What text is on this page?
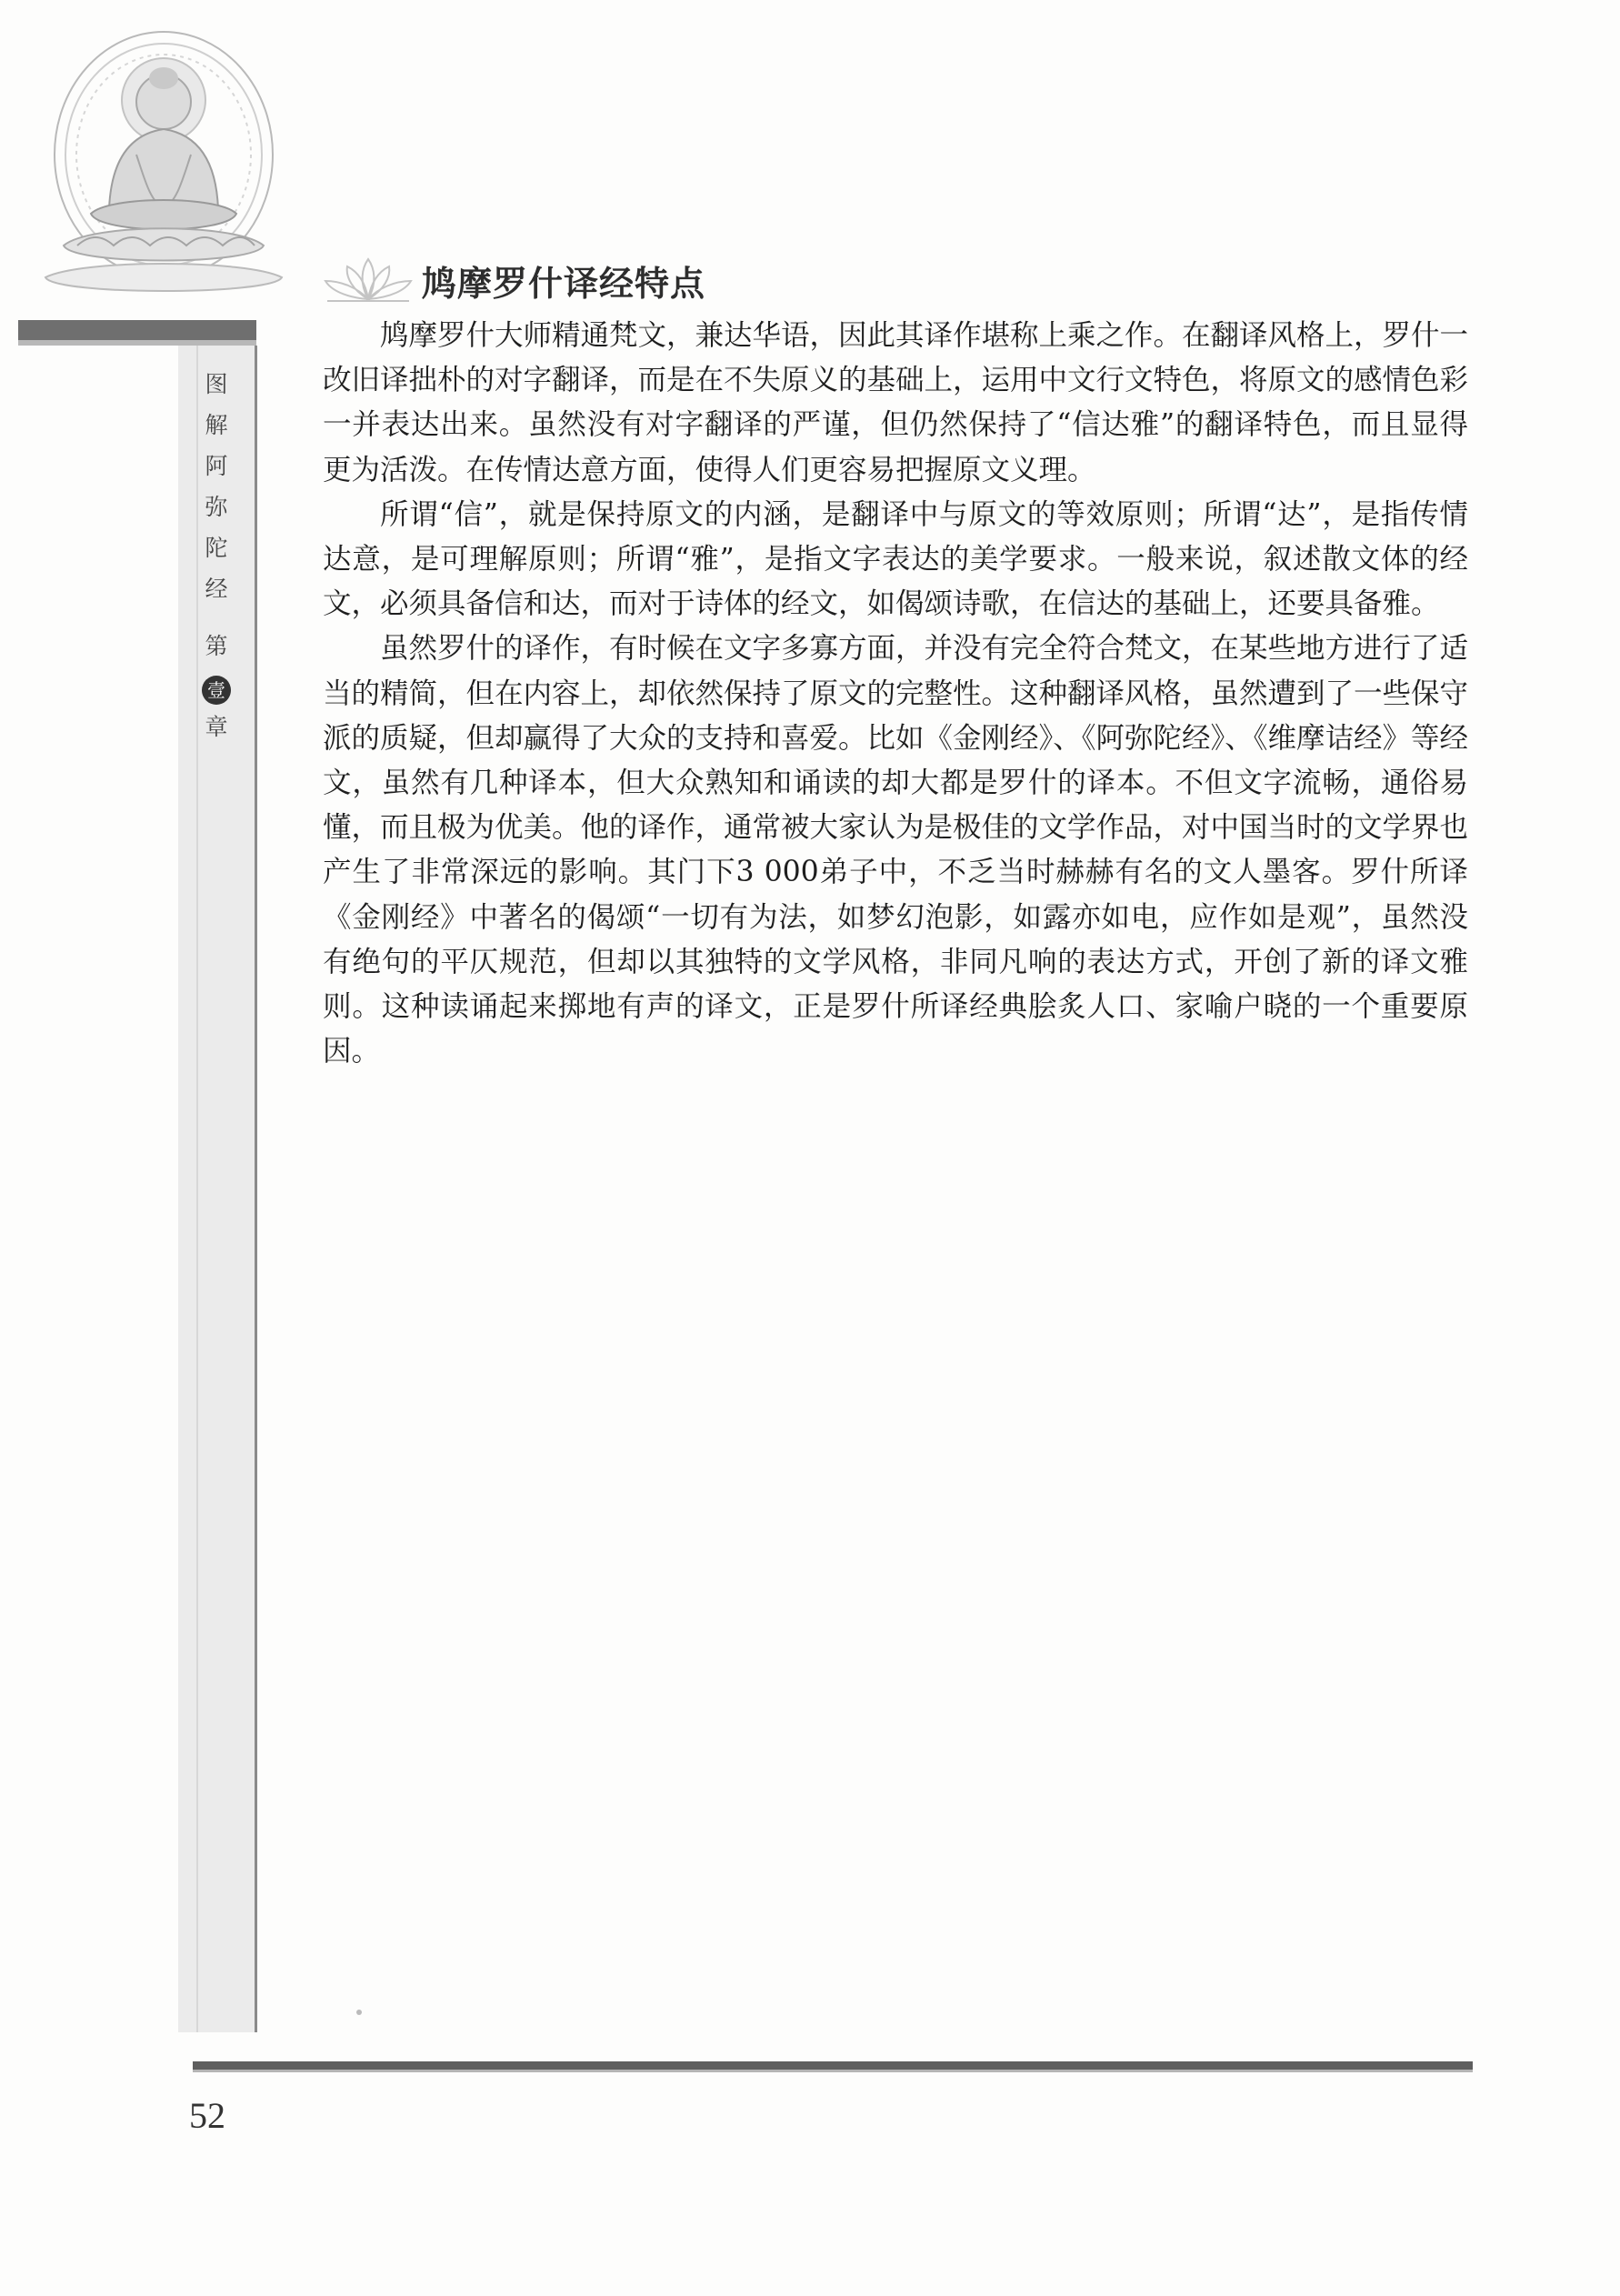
图
解
阿
弥
陀
经
第
壹
章
鸠摩罗什译经特点

鸠摩罗什大师精通梵文，兼达华语，因此其译作堪称上乘之作。在翻译风格上，罗什一改旧译拙朴的对字翻译，而是在不失原义的基础上，运用中文行文特色，将原文的感情色彩一并表达出来。虽然没有对字翻译的严谨，但仍然保持了“信达雅”的翻译特色，而且显得更为活泼。在传情达意方面，使得人们更容易把握原文义理。

所谓“信”，就是保持原文的内涵，是翻译中与原文的等效原则；所谓“达”，是指传情达意，是可理解原则；所谓“雅”，是指文字表达的美学要求。一般来说，叙述散文体的经文，必须具备信和达，而对于诗体的经文，如偈颂诗歌，在信达的基础上，还要具备雅。

虽然罗什的译作，有时候在文字多寡方面，并没有完全符合梵文，在某些地方进行了适当的精简，但在内容上，却依然保持了原文的完整性。这种翻译风格，虽然遭到了一些保守派的质疑，但却赢得了大众的支持和喜爱。比如《金刚经》、《阿弥陀经》、《维摩诘经》等经文，虽然有几种译本，但大众熟知和诵读的却大都是罗什的译本。不但文字流畅，通俗易懂，而且极为优美。他的译作，通常被大家认为是极佳的文学作品，对中国当时的文学界也产生了非常深远的影响。其门下3 000弟子中，不乏当时赫赫有名的文人墨客。罗什所译《金刚经》中著名的偈颂“一切有为法，如梦幻泡影，如露亦如电，应作如是观”，虽然没有绝句的平仄规范，但却以其独特的文学风格，非同凡响的表达方式，开创了新的译文雅则。这种读诵起来掷地有声的译文，正是罗什所译经典脍炙人口、家喻户晓的一个重要原因。

52
